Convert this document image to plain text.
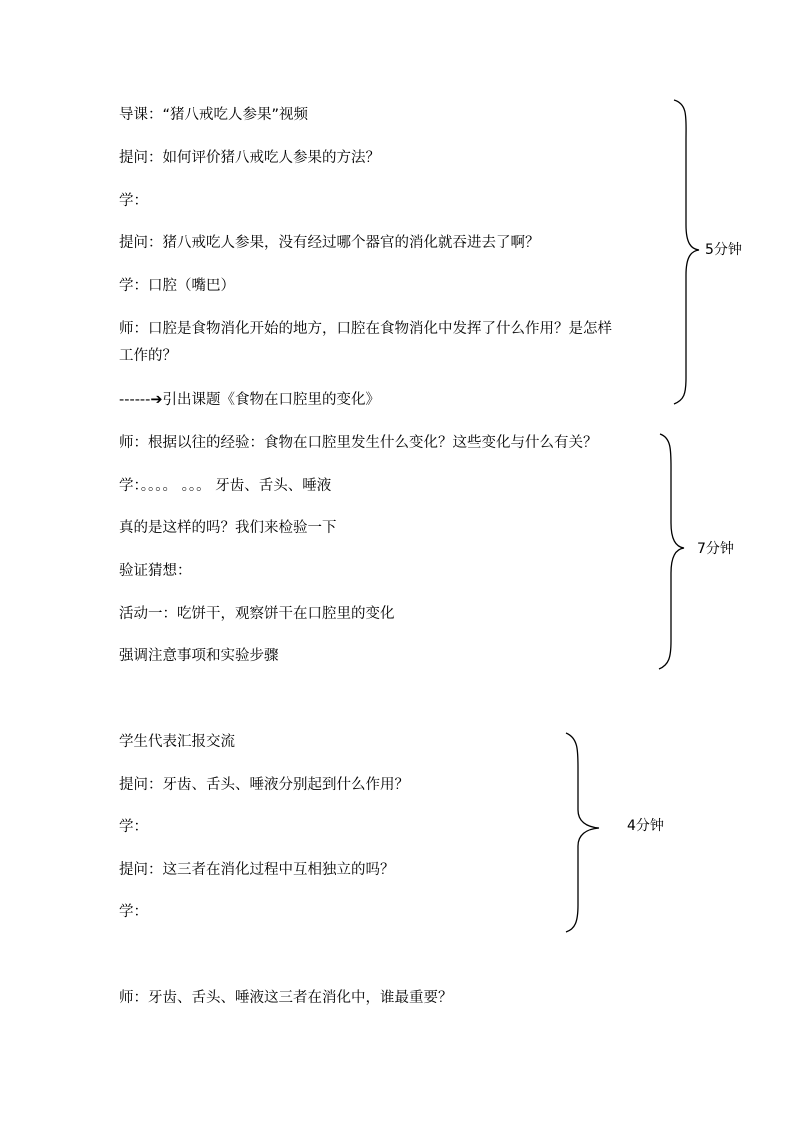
导课：“猪八戒吃人参果”视频
提问：如何评价猪八戒吃人参果的方法？
学：
提问：猪八戒吃人参果，没有经过哪个器官的消化就吞进去了啊？
学：口腔（嘴巴）
师：口腔是食物消化开始的地方，口腔在食物消化中发挥了什么作用？是怎样
工作的？
------➔引出课题《食物在口腔里的变化》
5分钟
师：根据以往的经验：食物在口腔里发生什么变化？这些变化与什么有关？
学：。。。。 。。。 牙齿、舌头、唾液
真的是这样的吗？我们来检验一下
验证猜想：
活动一：吃饼干，观察饼干在口腔里的变化
强调注意事项和实验步骤
7分钟
学生代表汇报交流
提问：牙齿、舌头、唾液分别起到什么作用？
学：
提问：这三者在消化过程中互相独立的吗？
学：
4分钟
师：牙齿、舌头、唾液这三者在消化中，谁最重要？
